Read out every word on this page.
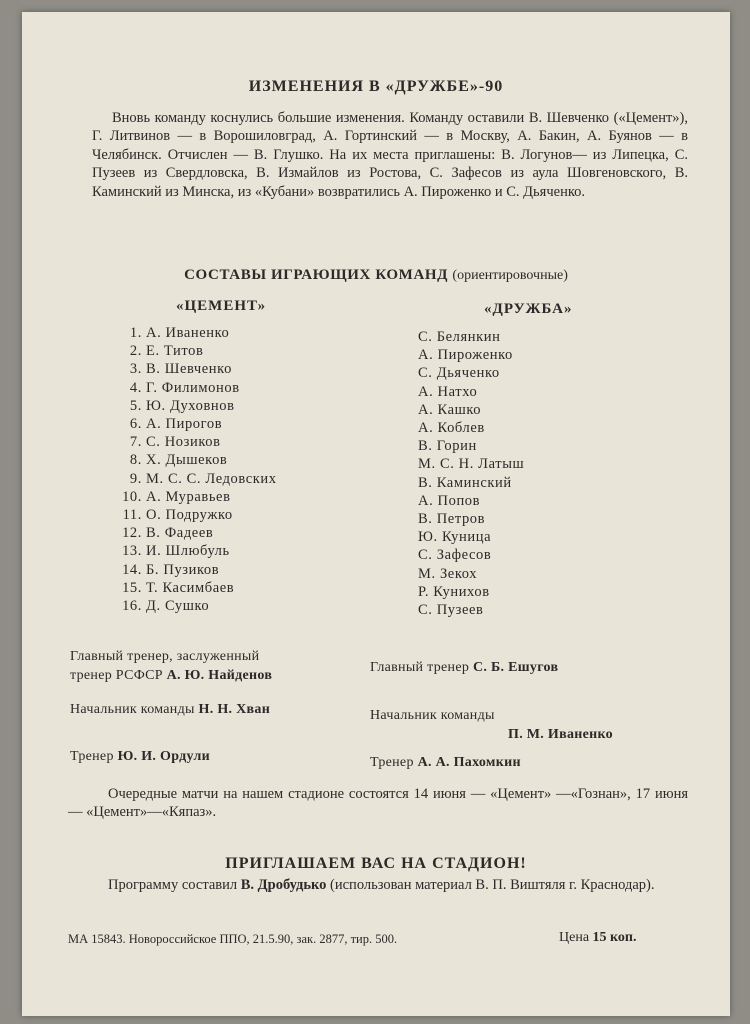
ИЗМЕНЕНИЯ В «ДРУЖБЕ»-90

Вновь команду коснулись большие изменения. Команду оставили В. Шевченко («Цемент»), Г. Литвинов — в Ворошиловград, А. Гортинский — в Москву, А. Бакин, А. Буянов — в Челябинск. Отчислен — В. Глушко. На их места приглашены: В. Логунов— из Липецка, С. Пузеев из Свердловска, В. Измайлов из Ростова, С. Зафесов из аула Шовгеновского, В. Каминский из Минска, из «Кубани» возвратились А. Пироженко и С. Дьяченко.

СОСТАВЫ ИГРАЮЩИХ КОМАНД (ориентировочные)
«ЦЕМЕНТ»	«ДРУЖБА»
1. А. Иваненко
2. Е. Титов
3. В. Шевченко
4. Г. Филимонов
5. Ю. Духовнов
6. А. Пирогов
7. С. Нозиков
8. Х. Дышеков
9. М. С. С. Ледовских
10. А. Муравьев
11. О. Подружко
12. В. Фадеев
13. И. Шлюбуль
14. Б. Пузиков
15. Т. Касимбаев
16. Д. Сушко
С. Белянкин
А. Пироженко
С. Дьяченко
А. Натхо
А. Кашко
А. Коблев
В. Горин
М. С. Н. Латыш
В. Каминский
А. Попов
В. Петров
Ю. Куница
С. Зафесов
М. Зекох
Р. Кунихов
С. Пузеев
Главный тренер, заслуженный
тренер РСФСР А. Ю. Найденов
Начальник команды Н. Н. Хван
Тренер Ю. И. Ордули
Главный тренер С. Б. Ешугов
Начальник команды
П. М. Иваненко
Тренер А. А. Пахомкин

Очередные матчи на нашем стадионе состоятся 14 июня — «Цемент» —«Гознан», 17 июня — «Цемент»—«Кяпаз».

ПРИГЛАШАЕМ ВАС НА СТАДИОН!

Программу составил В. Дробудько (использован материал В. П. Виштяля г. Краснодар).

МА 15843. Новороссийское ППО, 21.5.90, зак. 2877, тир. 500.	Цена 15 коп.
